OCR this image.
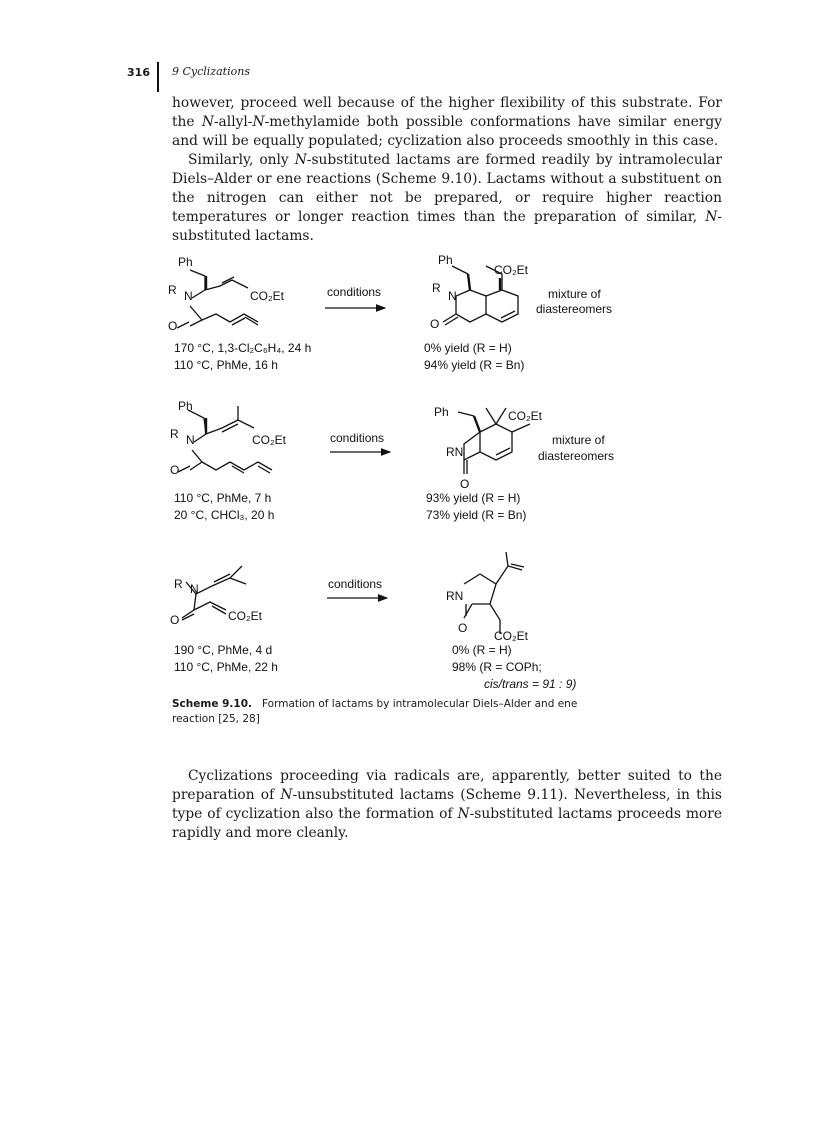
316 9 Cyclizations

however, proceed well because of the higher flexibility of this substrate. For the N-allyl-N-methylamide both possible conformations have similar energy and will be equally populated; cyclization also proceeds smoothly in this case.

Similarly, only N-substituted lactams are formed readily by intramolecular Diels–Alder or ene reactions (Scheme 9.10). Lactams without a substituent on the nitrogen can either not be prepared, or require higher reaction temperatures or longer reaction times than the preparation of similar, N-substituted lactams.

Ph
R N
O
CO₂Et
Ph
CO₂Et
R
N
O
Ph
R N
O
CO₂Et
Ph	CO₂Et
RN
O
R N
O	CO₂Et
RN
O
CO₂Et
conditions	mixture of
diastereomers
170 °C, 1,3-Cl₂C₆H₄, 24 h
110 °C, PhMe, 16 h
0% yield (R = H)
94% yield (R = Bn)
conditions	mixture of
diastereomers
110 °C, PhMe, 7 h
20 °C, CHCl₃, 20 h
93% yield (R = H)
73% yield (R = Bn)
conditions
190 °C, PhMe, 4 d
110 °C, PhMe, 22 h
0% (R = H)
98% (R = COPh;
cis/trans = 91 : 9)
Scheme 9.10. Formation of lactams by intramolecular Diels–Alder and ene reaction [25, 28]

Cyclizations proceeding via radicals are, apparently, better suited to the preparation of N-unsubstituted lactams (Scheme 9.11). Nevertheless, in this type of cyclization also the formation of N-substituted lactams proceeds more rapidly and more cleanly.
